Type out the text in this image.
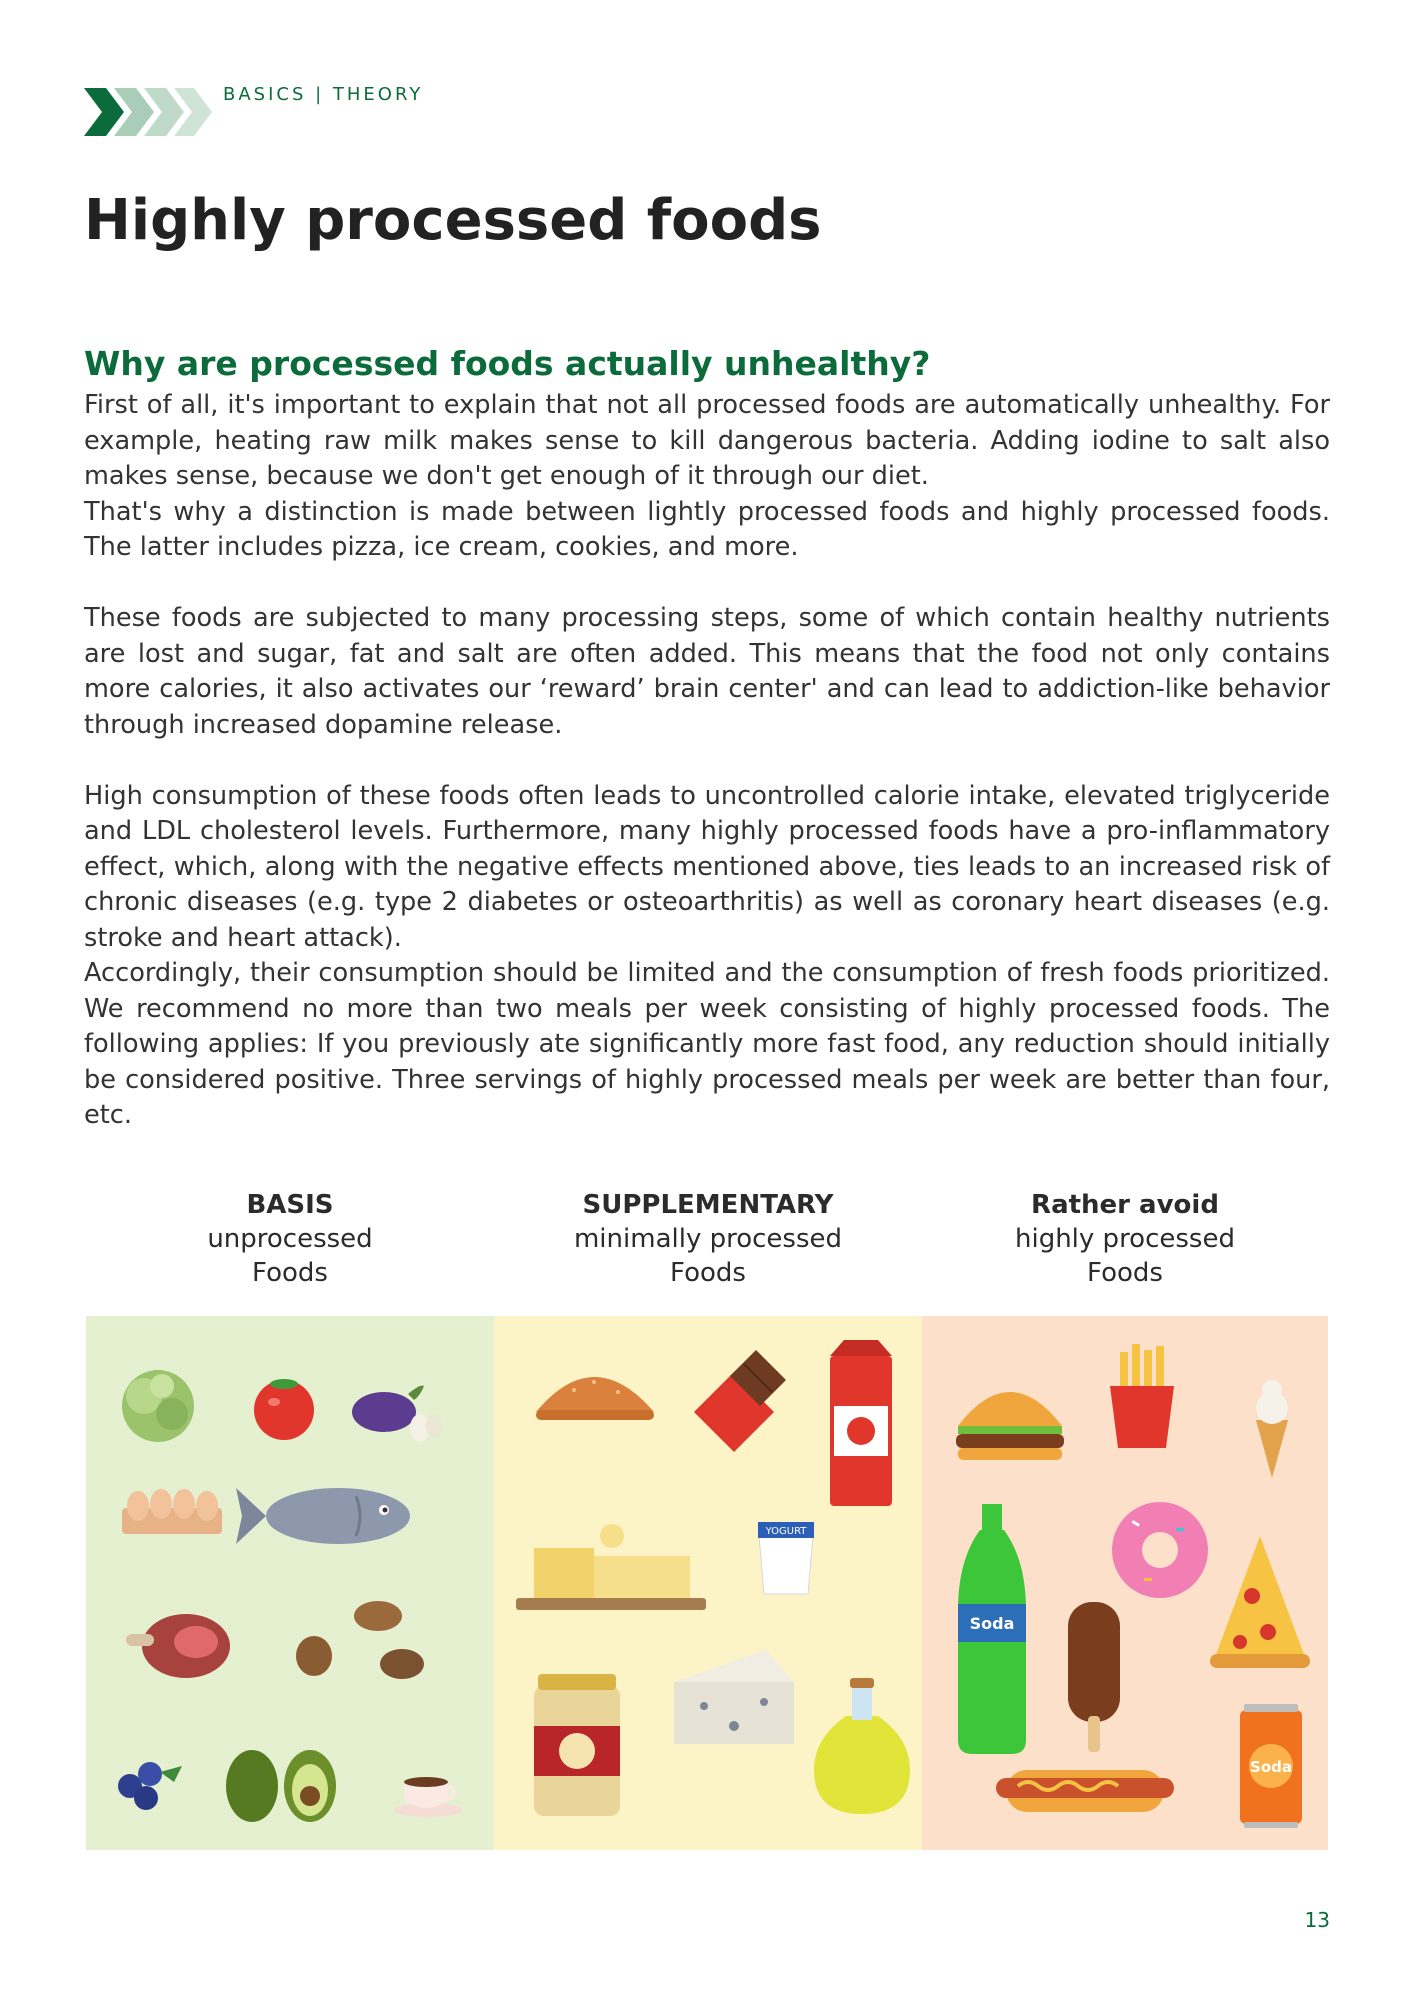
BASICS | THEORY
Highly processed foods
Why are processed foods actually unhealthy?

First of all, it's important to explain that not all processed foods are automatically unhealthy. For example, heating raw milk makes sense to kill dangerous bacteria. Adding iodine to salt also makes sense, because we don't get enough of it through our diet.

That's why a distinction is made between lightly processed foods and highly processed foods. The latter includes pizza, ice cream, cookies, and more.

These foods are subjected to many processing steps, some of which contain healthy nutrients are lost and sugar, fat and salt are often added. This means that the food not only contains more calories, it also activates our ‘reward’ brain center' and can lead to addiction-like behavior through increased dopamine release.

High consumption of these foods often leads to uncontrolled calorie intake, elevated triglyceride and LDL cholesterol levels. Furthermore, many highly processed foods have a pro-inflammatory effect, which, along with the negative effects mentioned above, ties leads to an increased risk of chronic diseases (e.g. type 2 diabetes or osteoarthritis) as well as coronary heart diseases (e.g. stroke and heart attack).

Accordingly, their consumption should be limited and the consumption of fresh foods prioritized. We recommend no more than two meals per week consisting of highly processed foods. The following applies: If you previously ate significantly more fast food, any reduction should initially be considered positive. Three servings of highly processed meals per week are better than four, etc.

BASIS
unprocessed
Foods
SUPPLEMENTARY
minimally processed
Foods
Rather avoid
highly processed
Foods
YOGURT
Soda
Soda
13
